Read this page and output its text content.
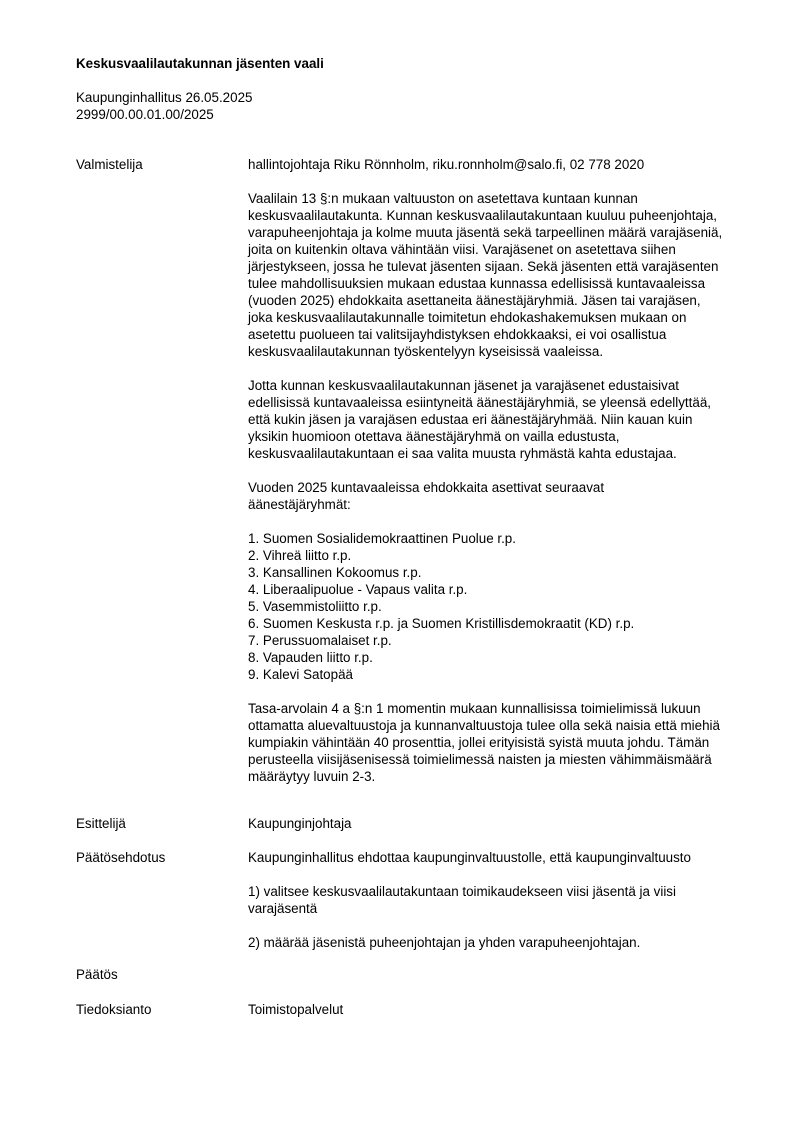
Keskusvaalilautakunnan jäsenten vaali
Kaupunginhallitus 26.05.2025
2999/00.00.01.00/2025
Valmistelija	hallintojohtaja Riku Rönnholm, riku.ronnholm@salo.fi, 02 778 2020

Vaalilain 13 §:n mukaan valtuuston on asetettava kuntaan kunnan keskusvaalilautakunta. Kunnan keskusvaalilautakuntaan kuuluu puheenjohtaja, varapuheenjohtaja ja kolme muuta jäsentä sekä tarpeellinen määrä varajäseniä, joita on kuitenkin oltava vähintään viisi. Varajäsenet on asetettava siihen järjestykseen, jossa he tulevat jäsenten sijaan. Sekä jäsenten että varajäsenten tulee mahdollisuuksien mukaan edustaa kunnassa edellisissä kuntavaaleissa (vuoden 2025) ehdokkaita asettaneita äänestäjäryhmiä. Jäsen tai varajäsen, joka keskusvaalilautakunnalle toimitetun ehdokashakemuksen mukaan on asetettu puolueen tai valitsijayhdistyksen ehdokkaaksi, ei voi osallistua keskusvaalilautakunnan työskentelyyn kyseisissä vaaleissa.

Jotta kunnan keskusvaalilautakunnan jäsenet ja varajäsenet edustaisivat edellisissä kuntavaaleissa esiintyneitä äänestäjäryhmiä, se yleensä edellyttää, että kukin jäsen ja varajäsen edustaa eri äänestäjäryhmää. Niin kauan kuin yksikin huomioon otettava äänestäjäryhmä on vailla edustusta, keskusvaalilautakuntaan ei saa valita muusta ryhmästä kahta edustajaa.

Vuoden 2025 kuntavaaleissa ehdokkaita asettivat seuraavat äänestäjäryhmät:

1. Suomen Sosialidemokraattinen Puolue r.p.
2. Vihreä liitto r.p.
3. Kansallinen Kokoomus r.p.
4. Liberaalipuolue - Vapaus valita r.p.
5. Vasemmistoliitto r.p.
6. Suomen Keskusta r.p. ja Suomen Kristillisdemokraatit (KD) r.p.
7. Perussuomalaiset r.p.
8. Vapauden liitto r.p.
9. Kalevi Satopää

Tasa-arvolain 4 a §:n 1 momentin mukaan kunnallisissa toimielimissä lukuun ottamatta aluevaltuustoja ja kunnanvaltuustoja tulee olla sekä naisia että miehiä kumpiakin vähintään 40 prosenttia, jollei erityisistä syistä muuta johdu. Tämän perusteella viisijäsenisessä toimielimessä naisten ja miesten vähimmäismäärä määräytyy luvuin 2-3.

Esittelijä	Kaupunginjohtaja
Päätösehdotus	Kaupunginhallitus ehdottaa kaupunginvaltuustolle, että kaupunginvaltuusto

1) valitsee keskusvaalilautakuntaan toimikaudekseen viisi jäsentä ja viisi varajäsentä

2) määrää jäsenistä puheenjohtajan ja yhden varapuheenjohtajan.

Päätös
Tiedoksianto	Toimistopalvelut
